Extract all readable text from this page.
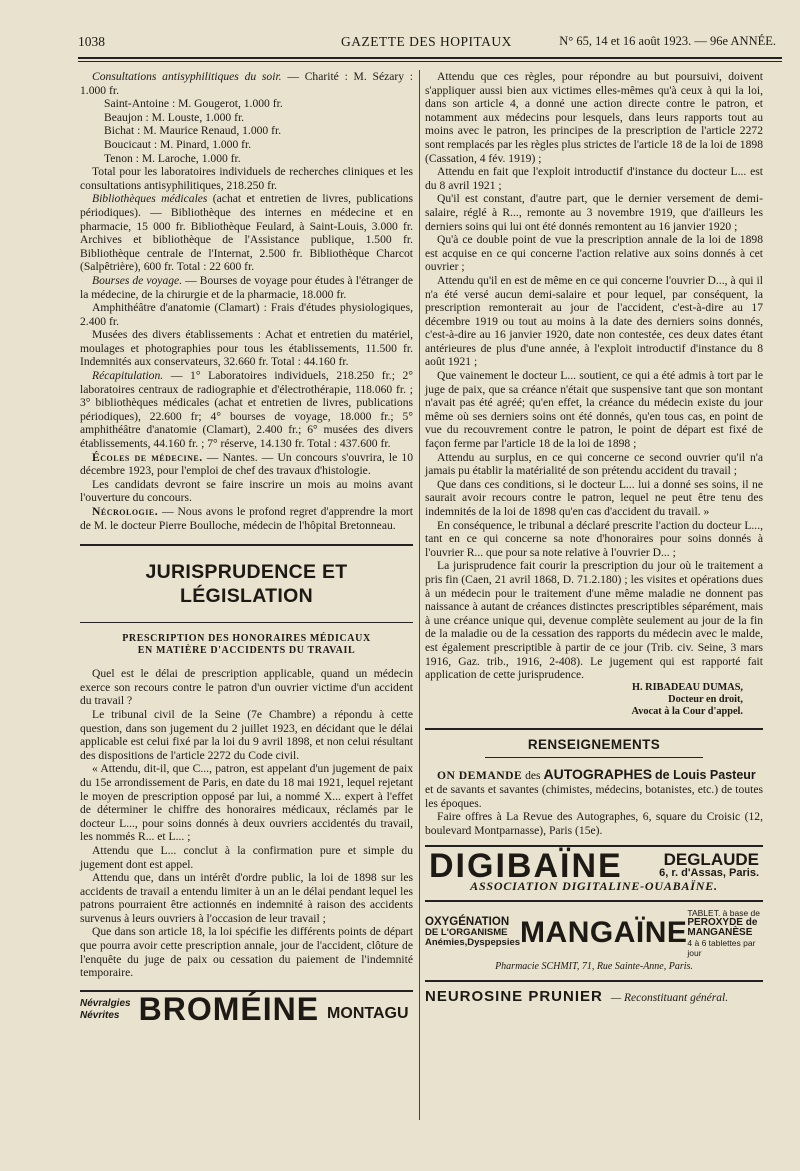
1038	GAZETTE DES HOPITAUX	N° 65, 14 et 16 août 1923. — 96e ANNÉE.

Consultations antisyphilitiques du soir. — Charité : M. Sézary : 1.000 fr.

Saint-Antoine : M. Gougerot, 1.000 fr.

Beaujon : M. Louste, 1.000 fr.

Bichat : M. Maurice Renaud, 1.000 fr.

Boucicaut : M. Pinard, 1.000 fr.

Tenon : M. Laroche, 1.000 fr.

Total pour les laboratoires individuels de recherches cliniques et les consultations antisyphilitiques, 218.250 fr.

Bibliothèques médicales (achat et entretien de livres, publications périodiques). — Bibliothèque des internes en médecine et en pharmacie, 15 000 fr. Bibliothèque Feulard, à Saint-Louis, 3.000 fr. Archives et bibliothèque de l'Assistance publique, 1.500 fr. Bibliothèque centrale de l'Internat, 2.500 fr. Bibliothèque Charcot (Salpêtrière), 600 fr. Total : 22 600 fr.

Bourses de voyage. — Bourses de voyage pour études à l'étranger de la médecine, de la chirurgie et de la pharmacie, 18.000 fr.

Amphithéâtre d'anatomie (Clamart) : Frais d'études physiologiques, 2.400 fr.

Musées des divers établissements : Achat et entretien du matériel, moulages et photographies pour tous les établissements, 11.500 fr. Indemnités aux conservateurs, 32.660 fr. Total : 44.160 fr.

Récapitulation. — 1° Laboratoires individuels, 218.250 fr.; 2° laboratoires centraux de radiographie et d'électrothérapie, 118.060 fr. ; 3° bibliothèques médicales (achat et entretien de livres, publications périodiques), 22.600 fr; 4° bourses de voyage, 18.000 fr.; 5° amphithéâtre d'anatomie (Clamart), 2.400 fr.; 6° musées des divers établissements, 44.160 fr. ; 7° réserve, 14.130 fr. Total : 437.600 fr.

Écoles de médecine. — Nantes. — Un concours s'ouvrira, le 10 décembre 1923, pour l'emploi de chef des travaux d'histologie.

Les candidats devront se faire inscrire un mois au moins avant l'ouverture du concours.

Nécrologie. — Nous avons le profond regret d'apprendre la mort de M. le docteur Pierre Boulloche, médecin de l'hôpital Bretonneau.

JURISPRUDENCE ET LÉGISLATION
PRESCRIPTION DES HONORAIRES MÉDICAUX
EN MATIÈRE D'ACCIDENTS DU TRAVAIL

Quel est le délai de prescription applicable, quand un médecin exerce son recours contre le patron d'un ouvrier victime d'un accident du travail ?

Le tribunal civil de la Seine (7e Chambre) a répondu à cette question, dans son jugement du 2 juillet 1923, en décidant que le délai applicable est celui fixé par la loi du 9 avril 1898, et non celui résultant des dispositions de l'article 2272 du Code civil.

« Attendu, dit-il, que C..., patron, est appelant d'un jugement de paix du 15e arrondissement de Paris, en date du 18 mai 1921, lequel rejetant le moyen de prescription opposé par lui, a nommé X... expert à l'effet de déterminer le chiffre des honoraires médicaux, réclamés par le docteur L..., pour soins donnés à deux ouvriers accidentés du travail, les nommés R... et L... ;

Attendu que L... conclut à la confirmation pure et simple du jugement dont est appel.

Attendu que, dans un intérêt d'ordre public, la loi de 1898 sur les accidents de travail a entendu limiter à un an le délai pendant lequel les patrons pourraient être actionnés en indemnité à raison des accidents survenus à leurs ouvriers à l'occasion de leur travail ;

Que dans son article 18, la loi spécifie les différents points de départ que pourra avoir cette prescription annale, jour de l'accident, clôture de l'enquête du juge de paix ou cessation du paiement de l'indemnité temporaire.

Névralgies
Névrites BROMÉINE MONTAGU

Attendu que ces règles, pour répondre au but poursuivi, doivent s'appliquer aussi bien aux victimes elles-mêmes qu'à ceux à qui la loi, dans son article 4, a donné une action directe contre le patron, et notamment aux médecins pour lesquels, dans leurs rapports tout au moins avec le patron, les principes de la prescription de l'article 2272 sont remplacés par les règles plus strictes de l'article 18 de la loi de 1898 (Cassation, 4 fév. 1919) ;

Attendu en fait que l'exploit introductif d'instance du docteur L... est du 8 avril 1921 ;

Qu'il est constant, d'autre part, que le dernier versement de demi-salaire, réglé à R..., remonte au 3 novembre 1919, que d'ailleurs les derniers soins qui lui ont été donnés remontent au 16 janvier 1920 ;

Qu'à ce double point de vue la prescription annale de la loi de 1898 est acquise en ce qui concerne l'action relative aux soins donnés à cet ouvrier ;

Attendu qu'il en est de même en ce qui concerne l'ouvrier D..., à qui il n'a été versé aucun demi-salaire et pour lequel, par conséquent, la prescription remonterait au jour de l'accident, c'est-à-dire au 17 décembre 1919 ou tout au moins à la date des derniers soins donnés, c'est-à-dire au 16 janvier 1920, date non contestée, ces deux dates étant antérieures de plus d'une année, à l'exploit introductif d'instance du 8 août 1921 ;

Que vainement le docteur L... soutient, ce qui a été admis à tort par le juge de paix, que sa créance n'était que suspensive tant que son montant n'avait pas été agréé; qu'en effet, la créance du médecin existe du jour même où ses derniers soins ont été donnés, qu'en tous cas, en point de vue du recouvrement contre le patron, le point de départ est fixé de façon ferme par l'article 18 de la loi de 1898 ;

Attendu au surplus, en ce qui concerne ce second ouvrier qu'il n'a jamais pu établir la matérialité de son prétendu accident du travail ;

Que dans ces conditions, si le docteur L... lui a donné ses soins, il ne saurait avoir recours contre le patron, lequel ne peut être tenu des indemnités de la loi de 1898 qu'en cas d'accident du travail. »

En conséquence, le tribunal a déclaré prescrite l'action du docteur L..., tant en ce qui concerne sa note d'honoraires pour soins donnés à l'ouvrier R... que pour sa note relative à l'ouvrier D... ;

La jurisprudence fait courir la prescription du jour où le traitement a pris fin (Caen, 21 avril 1868, D. 71.2.180) ; les visites et opérations dues à un médecin pour le traitement d'une même maladie ne donnent pas naissance à autant de créances distinctes prescriptibles séparément, mais à une créance unique qui, devenue complète seulement au jour de la fin de la maladie ou de la cessation des rapports du médecin avec le malde, est également prescriptible à partir de ce jour (Trib. civ. Seine, 3 mars 1916, Gaz. trib., 1916, 2-408). Le jugement qui est rapporté fait application de cette jurisprudence.

H. RIBADEAU DUMAS,
Docteur en droit,
Avocat à la Cour d'appel.
RENSEIGNEMENTS

ON DEMANDE des AUTOGRAPHES de Louis Pasteur

et de savants et savantes (chimistes, médecins, botanistes, etc.) de toutes les époques.

Faire offres à La Revue des Autographes, 6, square du Croisic (12, boulevard Montparnasse), Paris (15e).

DIGIBAÏNE DEGLAUDE
6, r. d'Assas, Paris.
ASSOCIATION DIGITALINE-OUABAÏNE.
OXYGÉNATION
DE L'ORGANISME
Anémies,Dyspepsies MANGAÏNE
TABLET. à base de
PEROXYDE de MANGANÈSE
4 à 6 tablettes par jour
Pharmacie SCHMIT, 71, Rue Sainte-Anne, Paris.
NEUROSINE PRUNIER — Reconstituant général.
